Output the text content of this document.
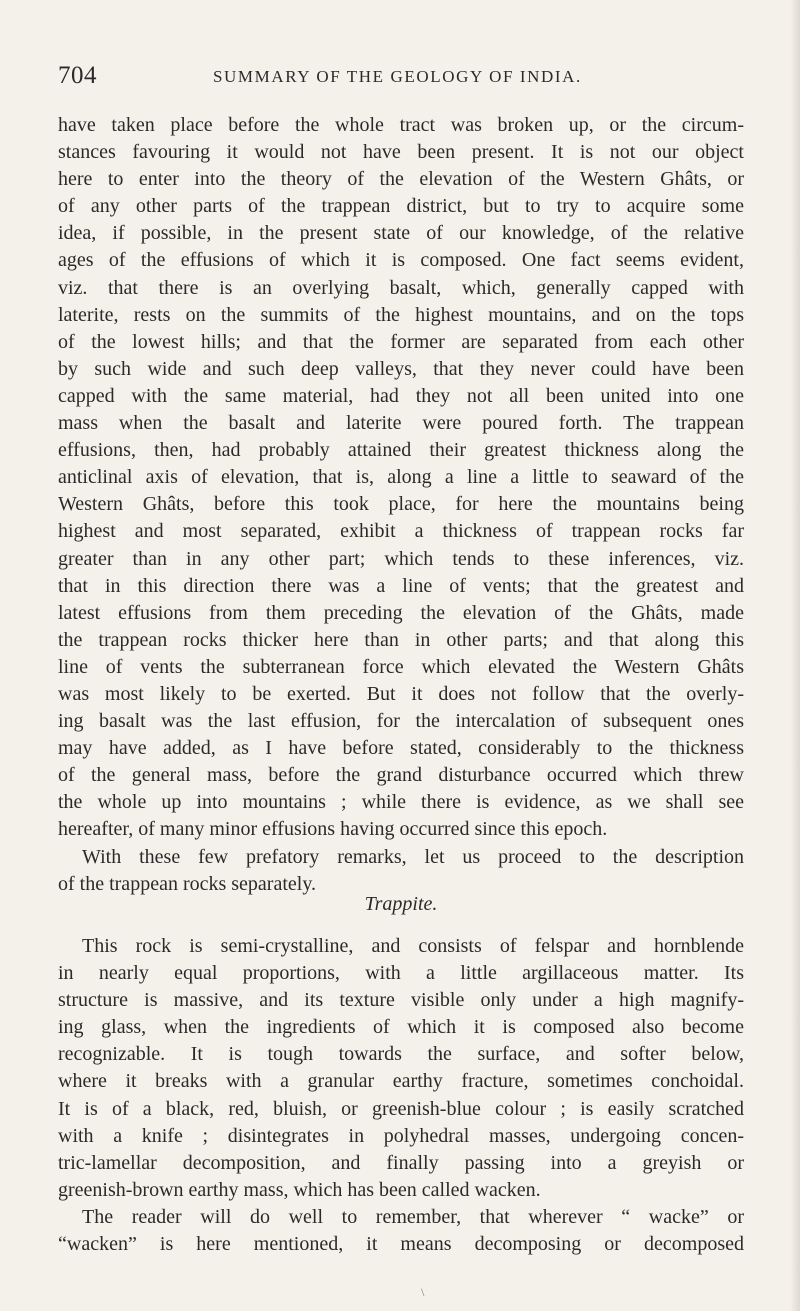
704	SUMMARY OF THE GEOLOGY OF INDIA.
have taken place before the whole tract was broken up, or the circum-
stances favouring it would not have been present. It is not our object
here to enter into the theory of the elevation of the Western Ghâts, or
of any other parts of the trappean district, but to try to acquire some
idea, if possible, in the present state of our knowledge, of the relative
ages of the effusions of which it is composed. One fact seems evident,
viz. that there is an overlying basalt, which, generally capped with
laterite, rests on the summits of the highest mountains, and on the tops
of the lowest hills; and that the former are separated from each other
by such wide and such deep valleys, that they never could have been
capped with the same material, had they not all been united into one
mass when the basalt and laterite were poured forth. The trappean
effusions, then, had probably attained their greatest thickness along the
anticlinal axis of elevation, that is, along a line a little to seaward of the
Western Ghâts, before this took place, for here the mountains being
highest and most separated, exhibit a thickness of trappean rocks far
greater than in any other part; which tends to these inferences, viz.
that in this direction there was a line of vents; that the greatest and
latest effusions from them preceding the elevation of the Ghâts, made
the trappean rocks thicker here than in other parts; and that along this
line of vents the subterranean force which elevated the Western Ghâts
was most likely to be exerted. But it does not follow that the overly-
ing basalt was the last effusion, for the intercalation of subsequent ones
may have added, as I have before stated, considerably to the thickness
of the general mass, before the grand disturbance occurred which threw
the whole up into mountains ; while there is evidence, as we shall see
hereafter, of many minor effusions having occurred since this epoch.
With these few prefatory remarks, let us proceed to the description
of the trappean rocks separately.
Trappite.
This rock is semi-crystalline, and consists of felspar and hornblende
in nearly equal proportions, with a little argillaceous matter. Its
structure is massive, and its texture visible only under a high magnify-
ing glass, when the ingredients of which it is composed also become
recognizable. It is tough towards the surface, and softer below,
where it breaks with a granular earthy fracture, sometimes conchoidal.
It is of a black, red, bluish, or greenish-blue colour ; is easily scratched
with a knife ; disintegrates in polyhedral masses, undergoing concen-
tric-lamellar decomposition, and finally passing into a greyish or
greenish-brown earthy mass, which has been called wacken.
The reader will do well to remember, that wherever “ wacke” or
“wacken” is here mentioned, it means decomposing or decomposed
\
